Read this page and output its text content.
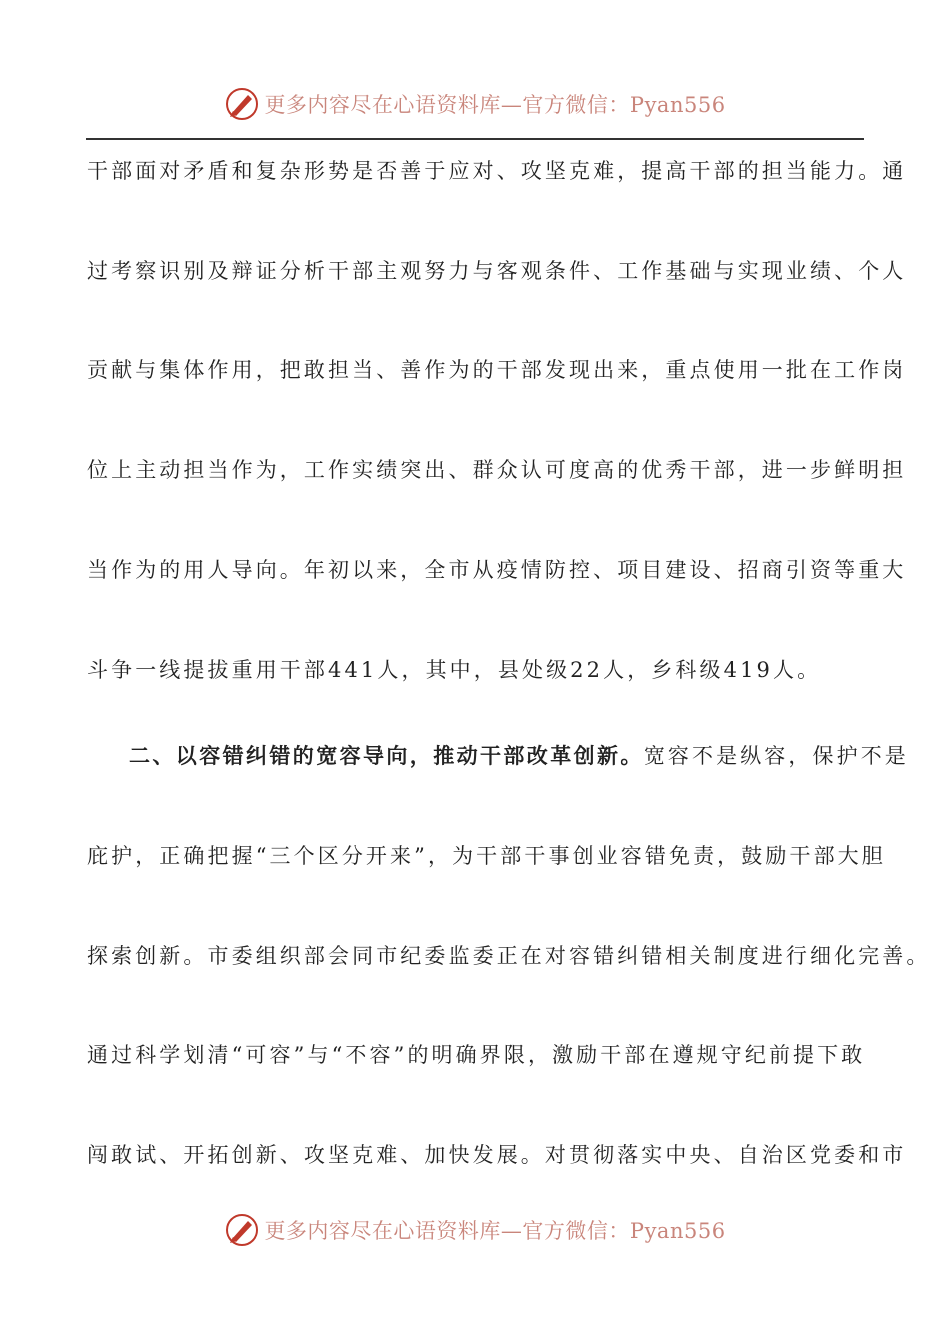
更多内容尽在心语资料库—官方微信：Pyan556
干部面对矛盾和复杂形势是否善于应对、攻坚克难，提高干部的担当能力。通
过考察识别及辩证分析干部主观努力与客观条件、工作基础与实现业绩、个人
贡献与集体作用，把敢担当、善作为的干部发现出来，重点使用一批在工作岗
位上主动担当作为，工作实绩突出、群众认可度高的优秀干部，进一步鲜明担
当作为的用人导向。年初以来，全市从疫情防控、项目建设、招商引资等重大
斗争一线提拔重用干部441人，其中，县处级22人，乡科级419人。
二、以容错纠错的宽容导向，推动干部改革创新。宽容不是纵容，保护不是
庇护，正确把握“三个区分开来”，为干部干事创业容错免责，鼓励干部大胆
探索创新。市委组织部会同市纪委监委正在对容错纠错相关制度进行细化完善。
通过科学划清“可容”与“不容”的明确界限，激励干部在遵规守纪前提下敢
闯敢试、开拓创新、攻坚克难、加快发展。对贯彻落实中央、自治区党委和市
更多内容尽在心语资料库—官方微信：Pyan556
